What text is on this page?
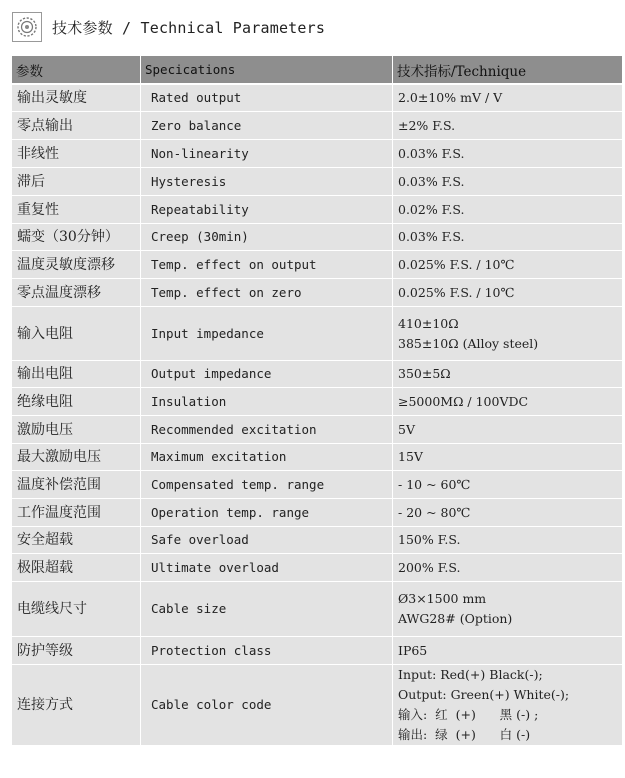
技术参数 / Technical Parameters
参数	Specications	技术指标/Technique
输出灵敏度	Rated output	2.0±10% mV / V

零点输出	Zero balance	±2% F.S.

非线性	Non-linearity	0.03% F.S.

滞后	Hysteresis	0.03% F.S.

重复性	Repeatability	0.02% F.S.

蠕变（30分钟）	Creep (30min)	0.03% F.S.

温度灵敏度漂移	Temp. effect on output	0.025% F.S. / 10℃

零点温度漂移	Temp. effect on zero	0.025% F.S. / 10℃

输入电阻	Input impedance	410±10Ω
385±10Ω (Alloy steel)

输出电阻	Output impedance	350±5Ω

绝缘电阻	Insulation	≥5000MΩ / 100VDC

激励电压	Recommended excitation	5V

最大激励电压	Maximum excitation	15V

温度补偿范围	Compensated temp. range	- 10 ~ 60℃

工作温度范围	Operation temp. range	- 20 ~ 80℃

安全超载	Safe overload	150% F.S.

极限超载	Ultimate overload	200% F.S.

电缆线尺寸	Cable size	Ø3×1500 mm
AWG28# (Option)

防护等级	Protection class	IP65

连接方式	Cable color code	Input: Red(+) Black(-);
Output: Green(+) White(-);
输入:  红  (+)      黑 (-) ;
输出:  绿  (+)      白 (-)
